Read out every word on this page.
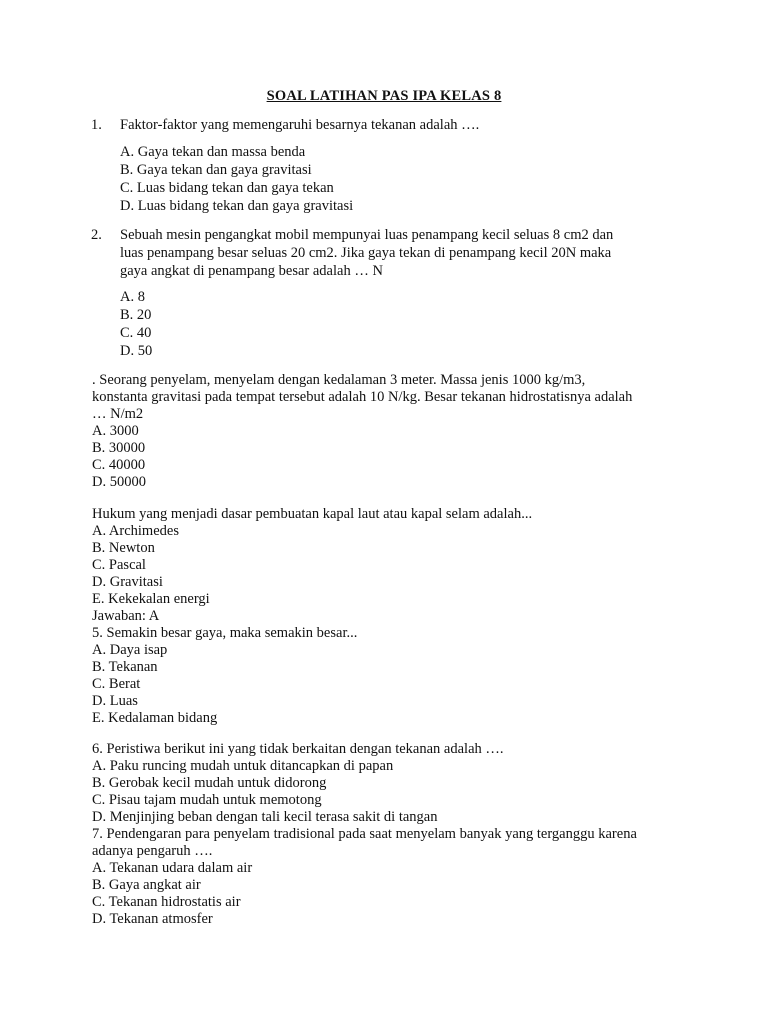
SOAL LATIHAN PAS IPA KELAS 8
1. Faktor-faktor yang memengaruhi besarnya tekanan adalah ….
A. Gaya tekan dan massa benda
B. Gaya tekan dan gaya gravitasi
C. Luas bidang tekan dan gaya tekan
D. Luas bidang tekan dan gaya gravitasi
2. Sebuah mesin pengangkat mobil mempunyai luas penampang kecil seluas 8 cm2 dan
luas penampang besar seluas 20 cm2. Jika gaya tekan di penampang kecil 20N maka
gaya angkat di penampang besar adalah … N
A. 8
B. 20
C. 40
D. 50
. Seorang penyelam, menyelam dengan kedalaman 3 meter. Massa jenis 1000 kg/m3,
konstanta gravitasi pada tempat tersebut adalah 10 N/kg. Besar tekanan hidrostatisnya adalah
… N/m2
A. 3000
B. 30000
C. 40000
D. 50000
Hukum yang menjadi dasar pembuatan kapal laut atau kapal selam adalah...
A. Archimedes
B. Newton
C. Pascal
D. Gravitasi
E. Kekekalan energi
Jawaban: A
5. Semakin besar gaya, maka semakin besar...
A. Daya isap
B. Tekanan
C. Berat
D. Luas
E. Kedalaman bidang
6. Peristiwa berikut ini yang tidak berkaitan dengan tekanan adalah ….
A. Paku runcing mudah untuk ditancapkan di papan
B. Gerobak kecil mudah untuk didorong
C. Pisau tajam mudah untuk memotong
D. Menjinjing beban dengan tali kecil terasa sakit di tangan
7. Pendengaran para penyelam tradisional pada saat menyelam banyak yang terganggu karena
adanya pengaruh ….
A. Tekanan udara dalam air
B. Gaya angkat air
C. Tekanan hidrostatis air
D. Tekanan atmosfer
